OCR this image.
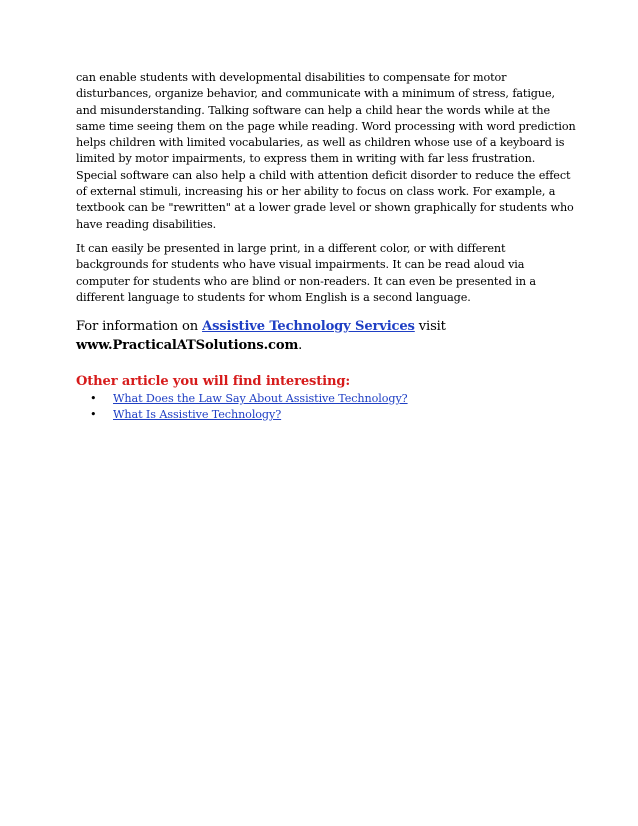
can enable students with developmental disabilities to compensate for motor disturbances, organize behavior, and communicate with a minimum of stress, fatigue, and misunderstanding. Talking software can help a child hear the words while at the same time seeing them on the page while reading. Word processing with word prediction helps children with limited vocabularies, as well as children whose use of a keyboard is limited by motor impairments, to express them in writing with far less frustration. Special software can also help a child with attention deficit disorder to reduce the effect of external stimuli, increasing his or her ability to focus on class work. For example, a textbook can be "rewritten" at a lower grade level or shown graphically for students who have reading disabilities.

It can easily be presented in large print, in a different color, or with different backgrounds for students who have visual impairments. It can be read aloud via computer for students who are blind or non-readers. It can even be presented in a different language to students for whom English is a second language.

For information on Assistive Technology Services visit
www.PracticalATSolutions.com.
Other article you will find interesting:
• What Does the Law Say About Assistive Technology?
• What Is Assistive Technology?
